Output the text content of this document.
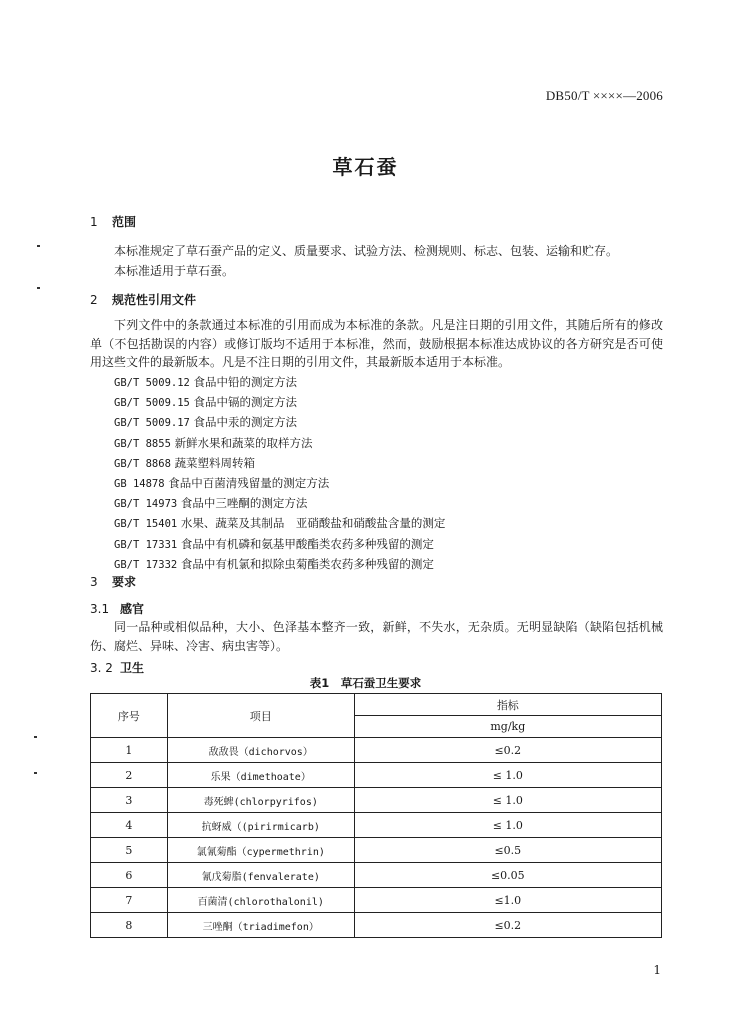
DB50/T ××××—2006
草石蚕
1 范围
本标准规定了草石蚕产品的定义、质量要求、试验方法、检测规则、标志、包装、运输和贮存。
本标准适用于草石蚕。
2 规范性引用文件
下列文件中的条款通过本标准的引用而成为本标准的条款。凡是注日期的引用文件，其随后所有的修改单（不包括勘误的内容）或修订版均不适用于本标准，然而，鼓励根据本标准达成协议的各方研究是否可使用这些文件的最新版本。凡是不注日期的引用文件，其最新版本适用于本标准。
GB/T 5009.12 食品中铅的测定方法
GB/T 5009.15 食品中镉的测定方法
GB/T 5009.17 食品中汞的测定方法
GB/T 8855 新鲜水果和蔬菜的取样方法
GB/T 8868 蔬菜塑料周转箱
GB 14878 食品中百菌清残留量的测定方法
GB/T 14973 食品中三唑酮的测定方法
GB/T 15401 水果、蔬菜及其制品　亚硝酸盐和硝酸盐含量的测定
GB/T 17331 食品中有机磷和氨基甲酸酯类农药多种残留的测定
GB/T 17332 食品中有机氯和拟除虫菊酯类农药多种残留的测定
3 要求
3.1 感官
同一品种或相似品种，大小、色泽基本整齐一致，新鲜，不失水，无杂质。无明显缺陷（缺陷包括机械伤、腐烂、异味、冷害、病虫害等）。
3. 2 卫生
表1　草石蚕卫生要求
序号	项目	指标
		mg/kg
1	敌敌畏（dichorvos）	≤0.2
2	乐果（dimethoate）	≤ 1.0
3	毒死蜱(chlorpyrifos)	≤ 1.0
4	抗蚜威（(pirirmicarb)	≤ 1.0
5	氯氰菊酯（cypermethrin)	≤0.5
6	氰戊菊脂(fenvalerate)	≤0.05
7	百菌清(chlorothalonil)	≤1.0
8	三唑酮（triadimefon）	≤0.2
1
